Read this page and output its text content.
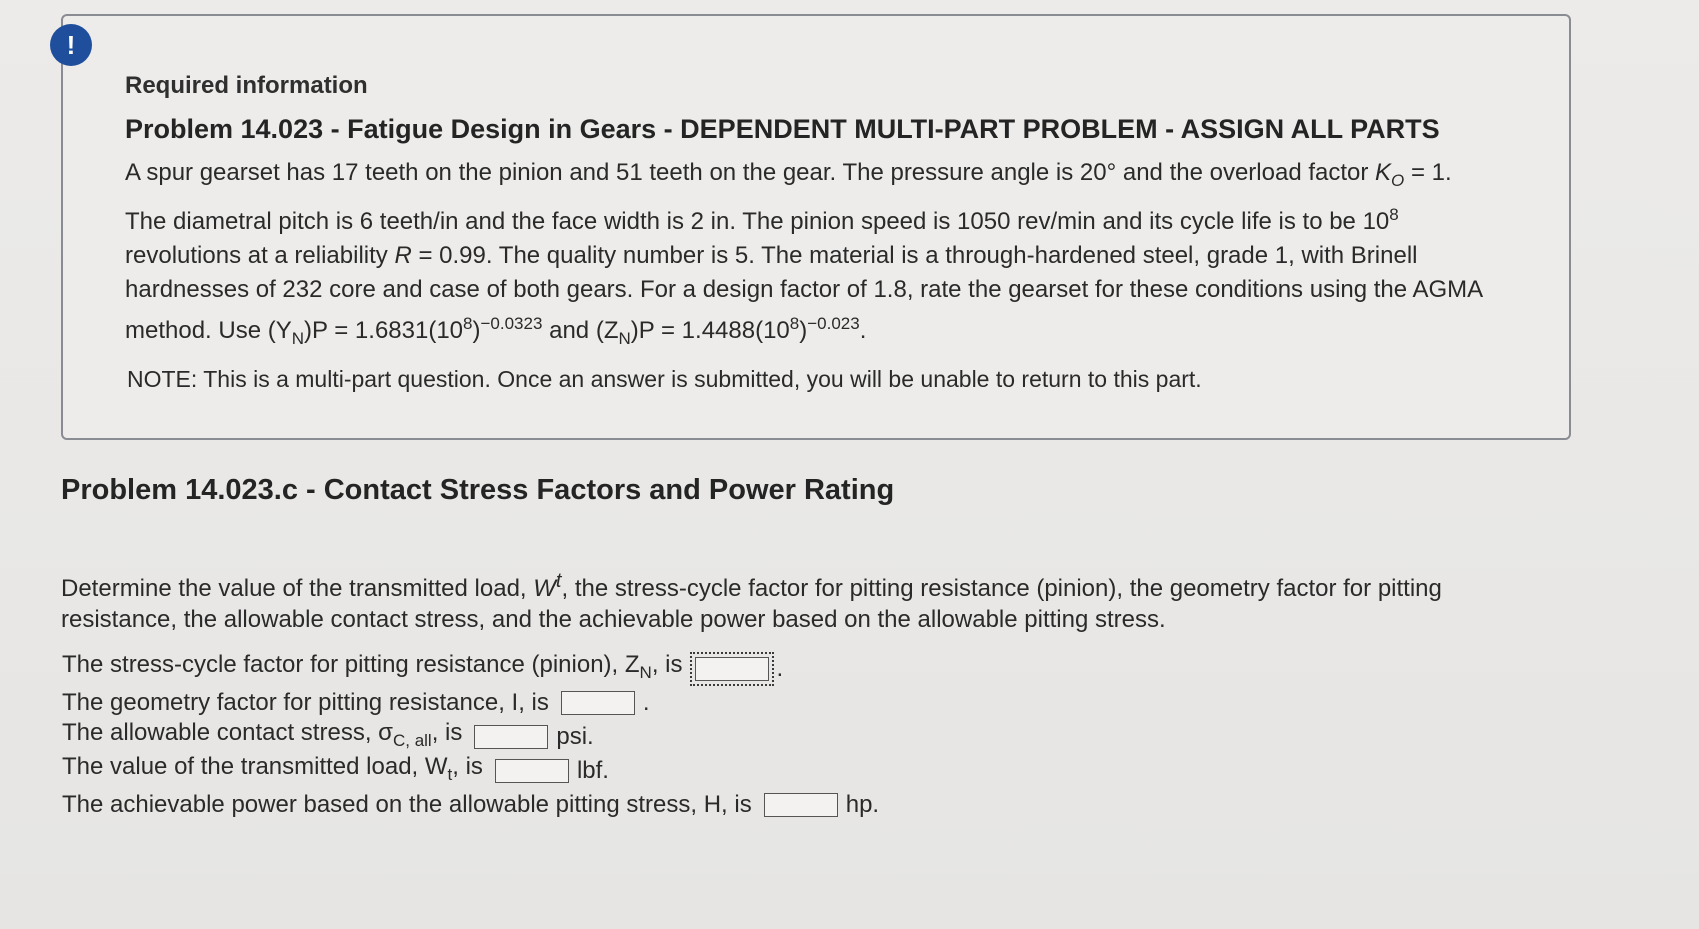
!
Required information
Problem 14.023 - Fatigue Design in Gears - DEPENDENT MULTI-PART PROBLEM - ASSIGN ALL PARTS
A spur gearset has 17 teeth on the pinion and 51 teeth on the gear. The pressure angle is 20° and the overload factor $K_O = 1$. The diametral pitch is 6 teeth/in and the face width is 2 in. The pinion speed is 1050 rev/min and its cycle life is to be $10^8$ revolutions at a reliability R = 0.99. The quality number is 5. The material is a through-hardened steel, grade 1, with Brinell hardnesses of 232 core and case of both gears. For a design factor of 1.8, rate the gearset for these conditions using the AGMA method. Use $(Y_N)P = 1.6831(10^8)^{-0.0323}$ and $(Z_N)P = 1.4488(10^8)^{-0.023}$.
NOTE: This is a multi-part question. Once an answer is submitted, you will be unable to return to this part.
Problem 14.023.c - Contact Stress Factors and Power Rating
Determine the value of the transmitted load, $W^t$, the stress-cycle factor for pitting resistance (pinion), the geometry factor for pitting resistance, the allowable contact stress, and the achievable power based on the allowable pitting stress.
The stress-cycle factor for pitting resistance (pinion), $Z_N$, is	.
The geometry factor for pitting resistance, I, is	.
The allowable contact stress, $\sigma_{C, all}$, is	psi.
The value of the transmitted load, $W_t$, is	lbf.
The achievable power based on the allowable pitting stress, H, is	hp.
